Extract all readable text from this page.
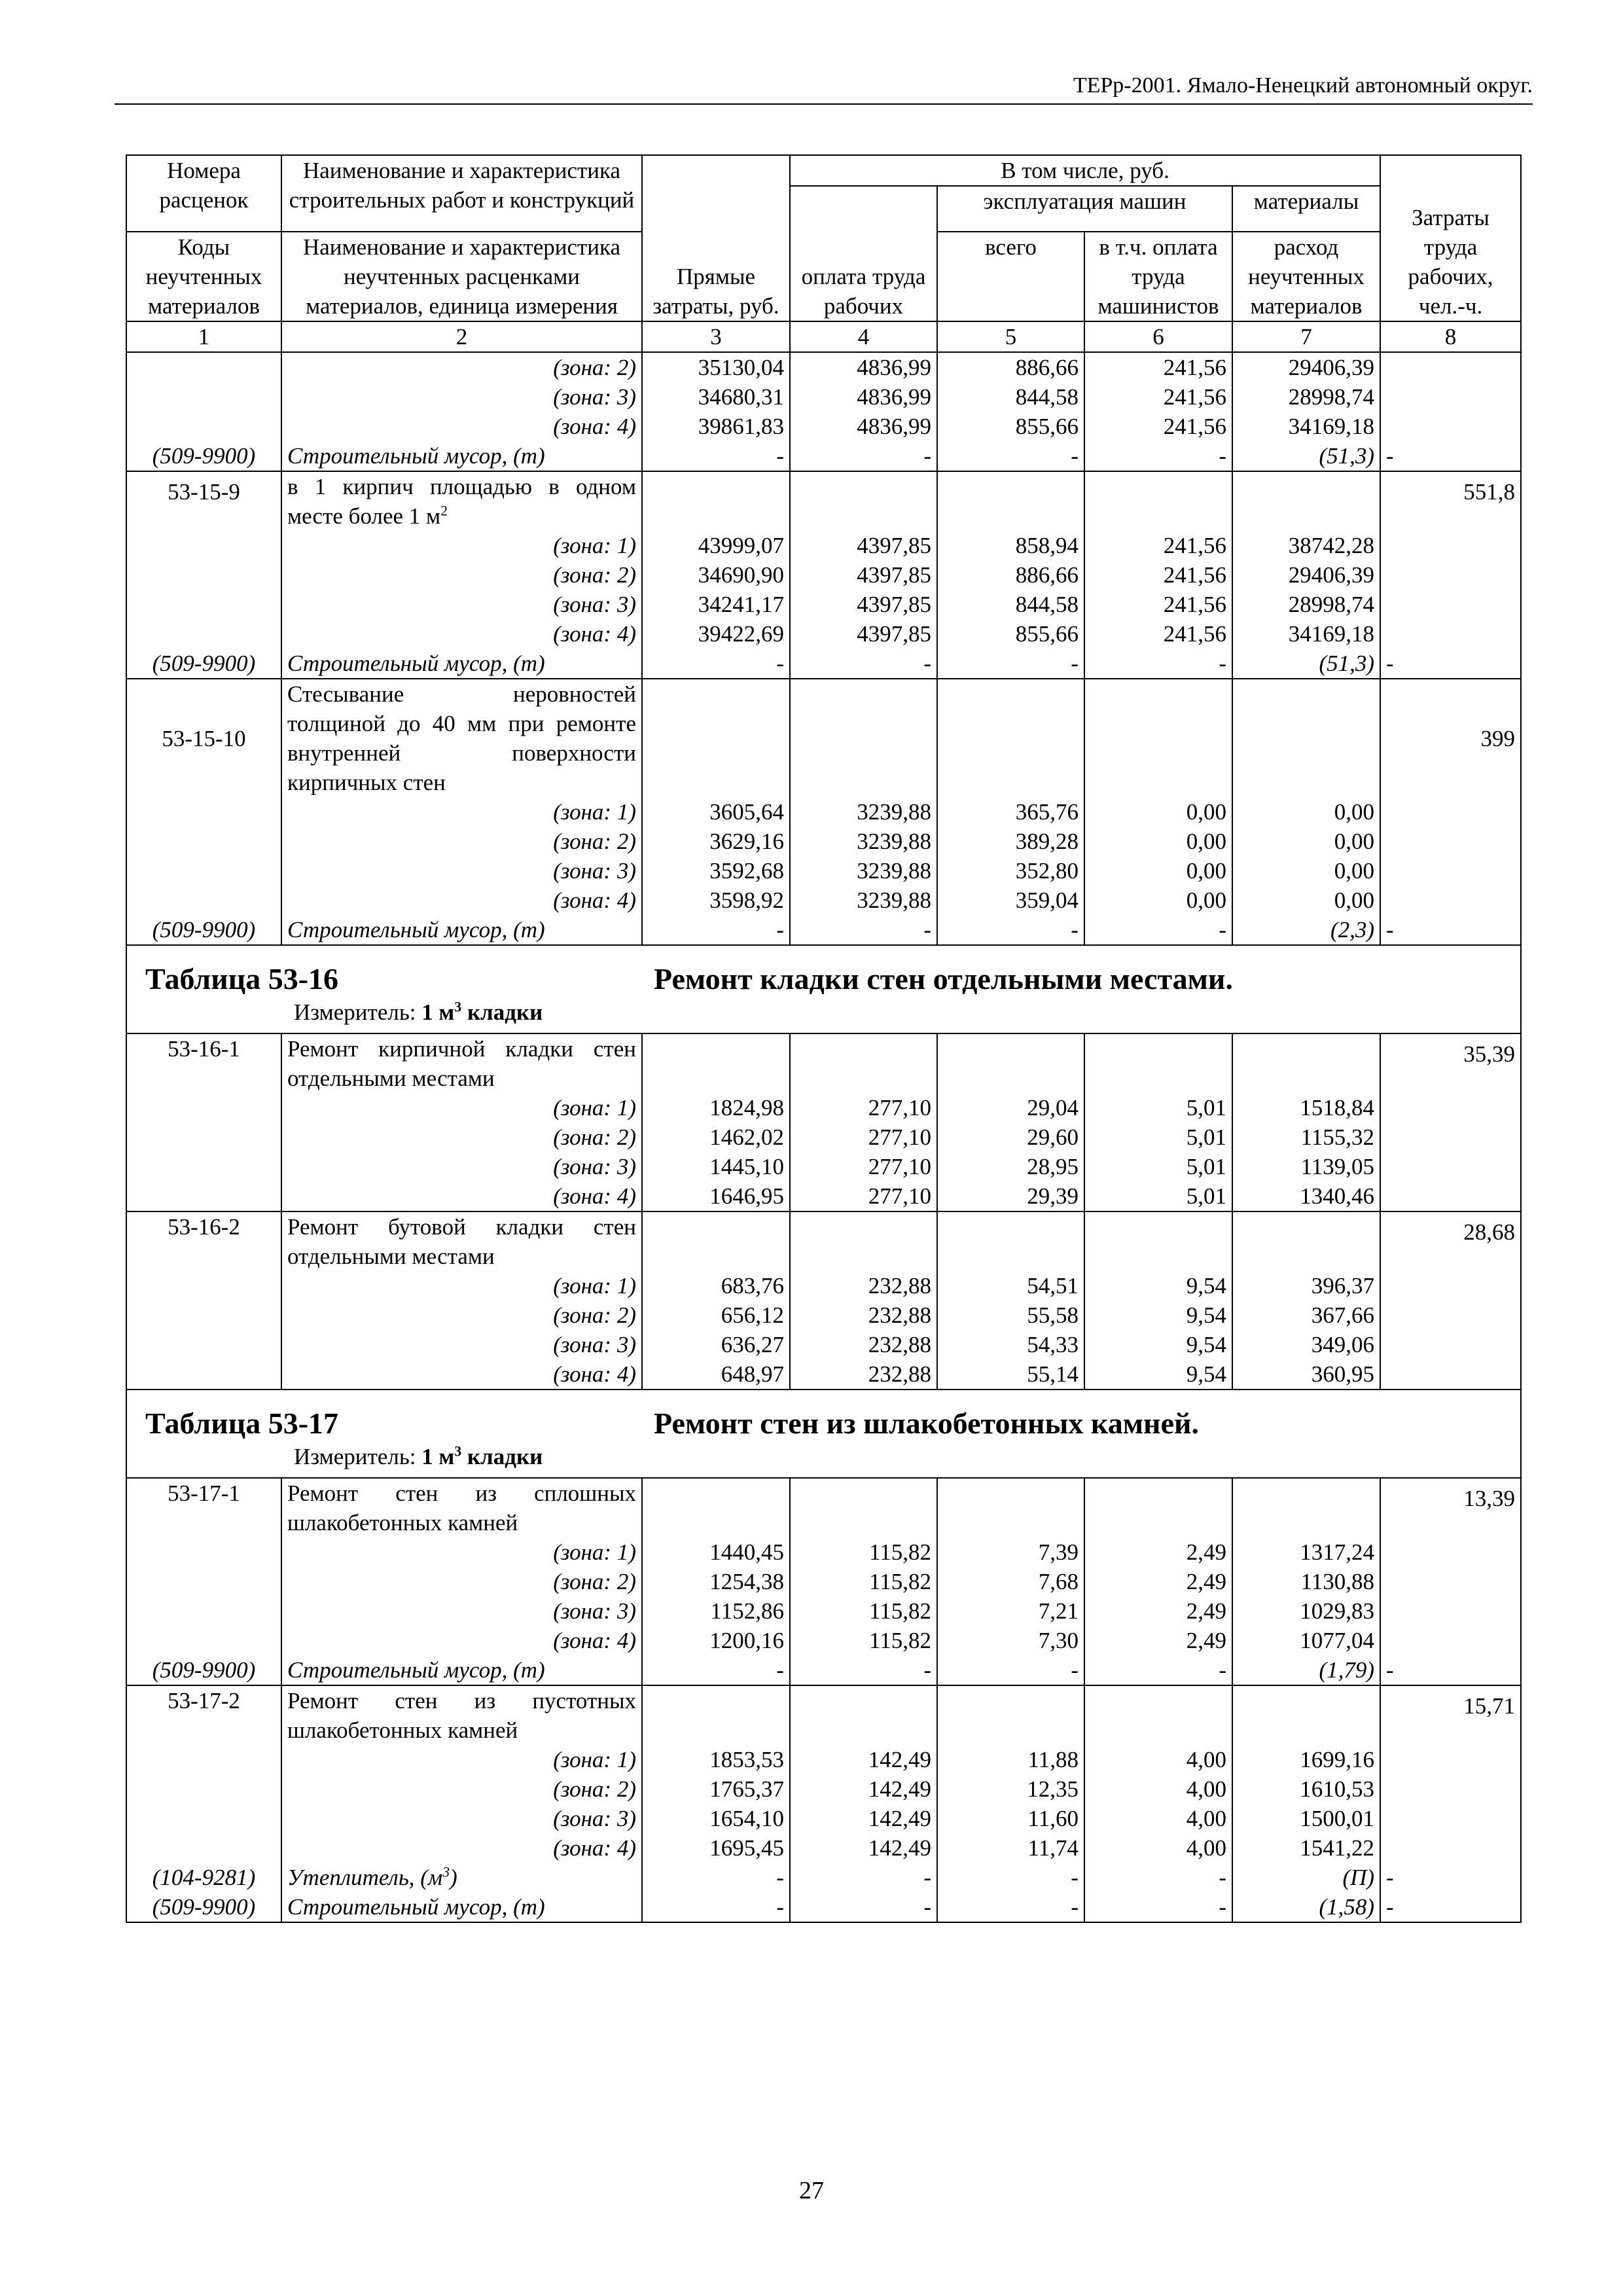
ТЕРр-2001. Ямало-Ненецкий автономный округ.
Номера расценок	Наименование и характеристика строительных работ и конструкций	Прямые затраты, руб.	В том числе, руб.				Затраты труда рабочих, чел.-ч.
			оплата труда рабочих	эксплуатация машин		материалы	
Коды неучтенных материалов	Наименование и характеристика неучтенных расценками материалов, единица измерения			всего	в т.ч. оплата труда машинистов	расход неучтенных материалов	
1	2	3	4	5	6	7	8
	(зона: 2)	35130,04	4836,99	886,66	241,56	29406,39	
	(зона: 3)	34680,31	4836,99	844,58	241,56	28998,74	
	(зона: 4)	39861,83	4836,99	855,66	241,56	34169,18	
(509-9900)	Строительный мусор, (т)	-	-	-	-	(51,3)	-
53-15-9	в 1 кирпич площадью в одном месте более 1 $м^2$						551,8
	(зона: 1)	43999,07	4397,85	858,94	241,56	38742,28	
	(зона: 2)	34690,90	4397,85	886,66	241,56	29406,39	
	(зона: 3)	34241,17	4397,85	844,58	241,56	28998,74	
	(зона: 4)	39422,69	4397,85	855,66	241,56	34169,18	
(509-9900)	Строительный мусор, (т)	-	-	-	-	(51,3)	-
53-15-10	Стесывание неровностей толщиной до 40 мм при ремонте внутренней поверхности кирпичных стен						399
	(зона: 1)	3605,64	3239,88	365,76	0,00	0,00	
	(зона: 2)	3629,16	3239,88	389,28	0,00	0,00	
	(зона: 3)	3592,68	3239,88	352,80	0,00	0,00	
	(зона: 4)	3598,92	3239,88	359,04	0,00	0,00	
(509-9900)	Строительный мусор, (т)	-	-	-	-	(2,3)	-

Таблица 53-16 Ремонт кладки стен отдельными местами.
Измеритель: 1 $м^3$ кладки							

53-16-1	Ремонт кирпичной кладки стен отдельными местами						35,39
	(зона: 1)	1824,98	277,10	29,04	5,01	1518,84	
	(зона: 2)	1462,02	277,10	29,60	5,01	1155,32	
	(зона: 3)	1445,10	277,10	28,95	5,01	1139,05	
	(зона: 4)	1646,95	277,10	29,39	5,01	1340,46	
53-16-2	Ремонт бутовой кладки стен отдельными местами						28,68
	(зона: 1)	683,76	232,88	54,51	9,54	396,37	
	(зона: 2)	656,12	232,88	55,58	9,54	367,66	
	(зона: 3)	636,27	232,88	54,33	9,54	349,06	
	(зона: 4)	648,97	232,88	55,14	9,54	360,95	

Таблица 53-17 Ремонт стен из шлакобетонных камней.
Измеритель: 1 $м^3$ кладки							

53-17-1	Ремонт стен из сплошных шлакобетонных камней						13,39
	(зона: 1)	1440,45	115,82	7,39	2,49	1317,24	
	(зона: 2)	1254,38	115,82	7,68	2,49	1130,88	
	(зона: 3)	1152,86	115,82	7,21	2,49	1029,83	
	(зона: 4)	1200,16	115,82	7,30	2,49	1077,04	
(509-9900)	Строительный мусор, (т)	-	-	-	-	(1,79)	-
53-17-2	Ремонт стен из пустотных шлакобетонных камней						15,71
	(зона: 1)	1853,53	142,49	11,88	4,00	1699,16	
	(зона: 2)	1765,37	142,49	12,35	4,00	1610,53	
	(зона: 3)	1654,10	142,49	11,60	4,00	1500,01	
	(зона: 4)	1695,45	142,49	11,74	4,00	1541,22	
(104-9281)	Утеплитель, $(м^3)$	-	-	-	-	(П)	-
(509-9900)	Строительный мусор, (т)	-	-	-	-	(1,58)	-
27
